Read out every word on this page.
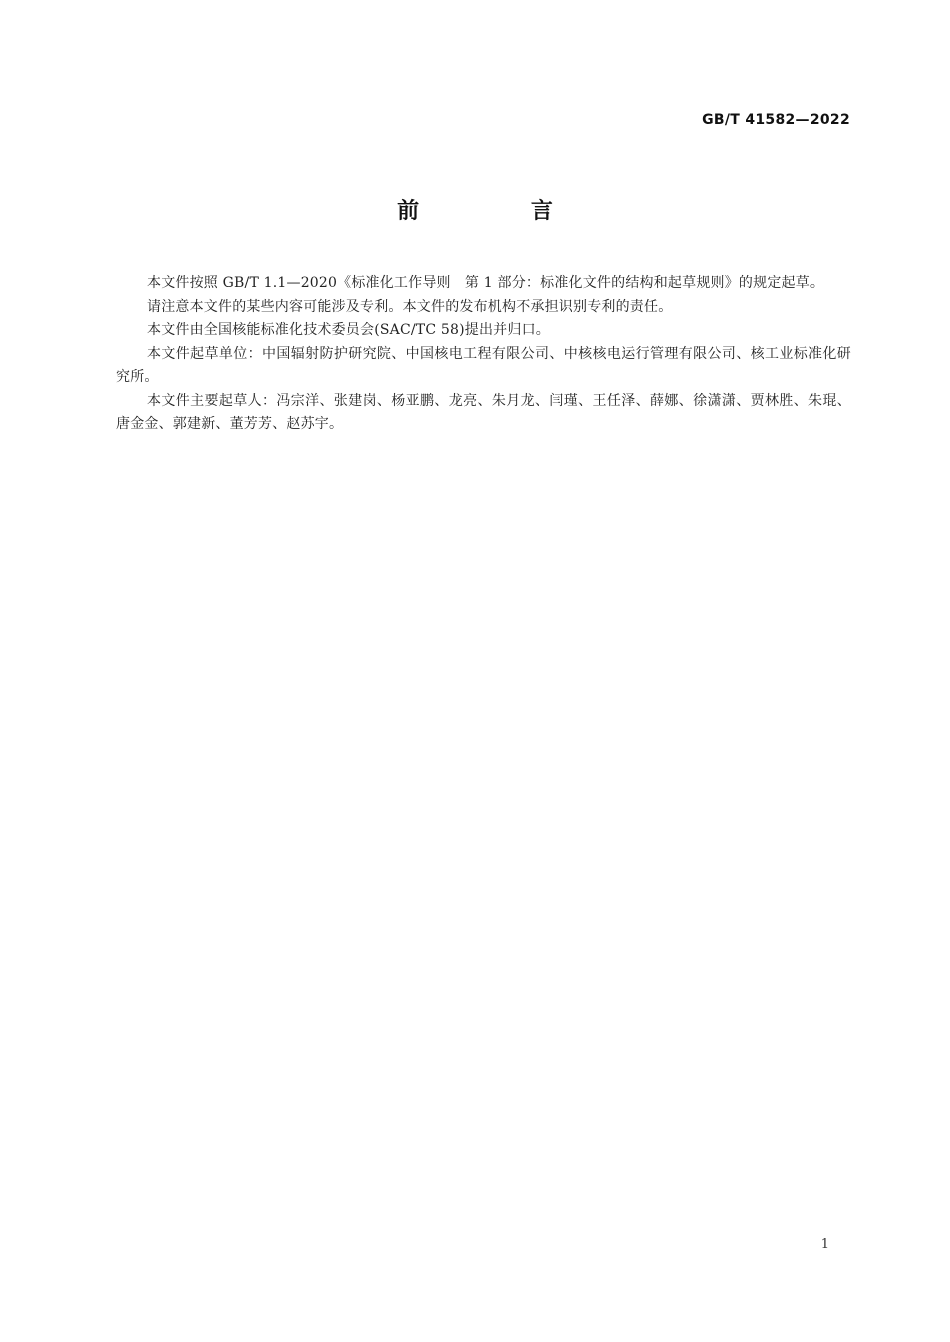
GB/T 41582—2022
前 言

本文件按照 GB/T 1.1—2020《标准化工作导则　第 1 部分：标准化文件的结构和起草规则》的规定起草。

请注意本文件的某些内容可能涉及专利。本文件的发布机构不承担识别专利的责任。

本文件由全国核能标准化技术委员会(SAC/TC 58)提出并归口。

本文件起草单位：中国辐射防护研究院、中国核电工程有限公司、中核核电运行管理有限公司、核工业标准化研究所。

本文件主要起草人：冯宗洋、张建岗、杨亚鹏、龙亮、朱月龙、闫瑾、王任泽、薛娜、徐潇潇、贾林胜、朱琨、唐金金、郭建新、董芳芳、赵苏宇。

1
